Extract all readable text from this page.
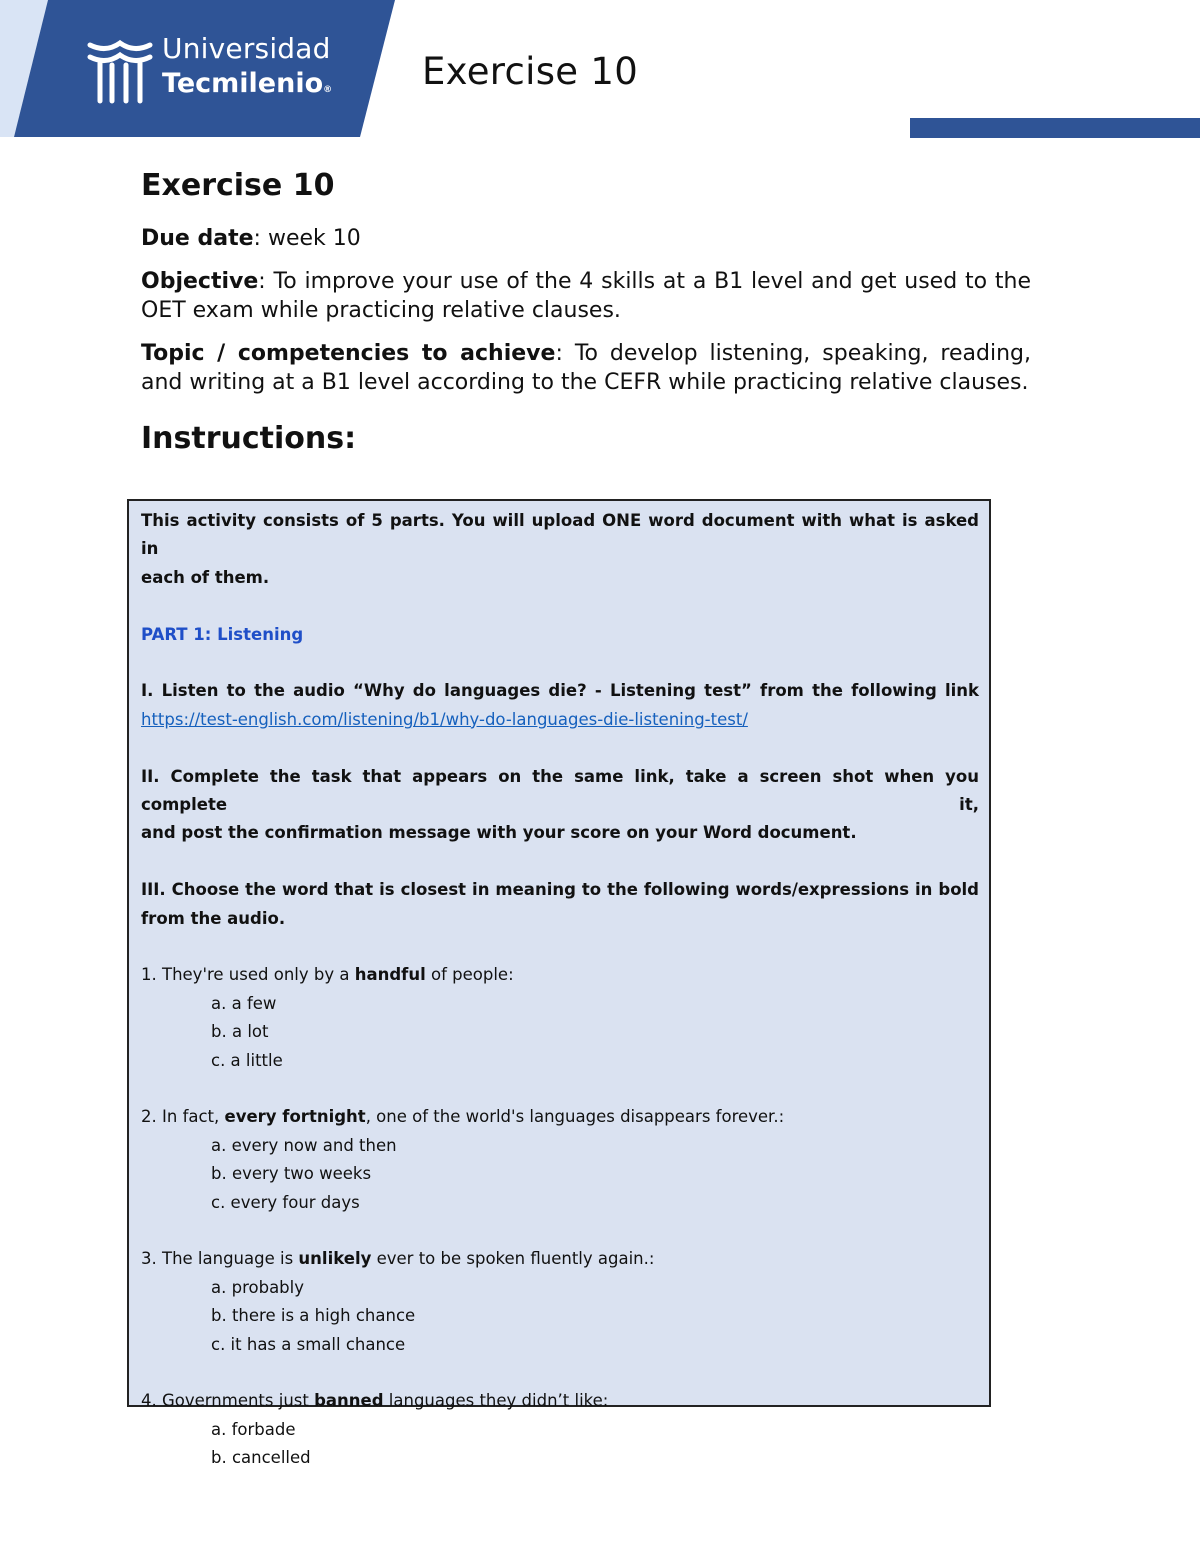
Universidad
Tecmilenio® Exercise 10
Exercise 10

Due date: week 10

Objective: To improve your use of the 4 skills at a B1 level and get used to the OET exam while practicing relative clauses.

Topic / competencies to achieve: To develop listening, speaking, reading, and writing at a B1 level according to the CEFR while practicing relative clauses.

Instructions:
This activity consists of 5 parts. You will upload ONE word document with what is asked in
each of them.
PART 1: Listening
I. Listen to the audio “Why do languages die? - Listening test” from the following link
https://test-english.com/listening/b1/why-do-languages-die-listening-test/
II. Complete the task that appears on the same link, take a screen shot when you complete it,
and post the confirmation message with your score on your Word document.
III. Choose the word that is closest in meaning to the following words/expressions in bold
from the audio.
1. They're used only by a handful of people:
a. a few
b. a lot
c. a little
2. In fact, every fortnight, one of the world's languages disappears forever.:
a. every now and then
b. every two weeks
c. every four days
3. The language is unlikely ever to be spoken fluently again.:
a. probably
b. there is a high chance
c. it has a small chance
4. Governments just banned languages they didn’t like:
a. forbade
b. cancelled
